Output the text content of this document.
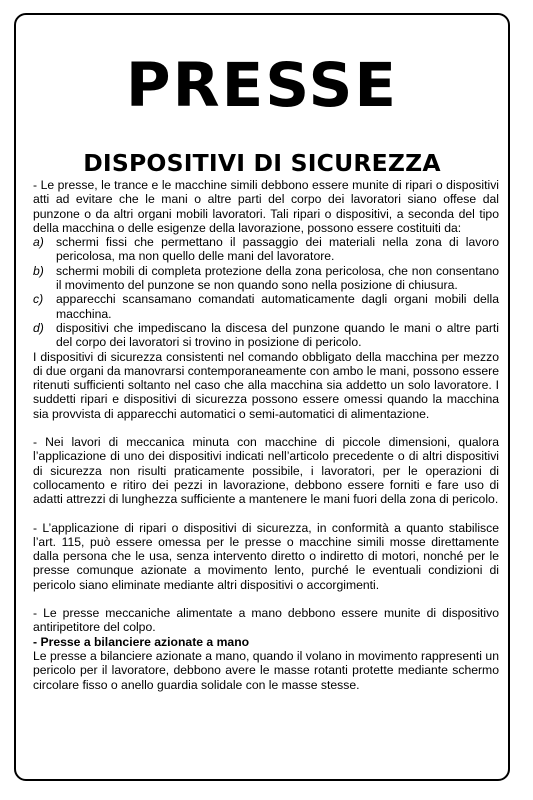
PRESSE
DISPOSITIVI DI SICUREZZA

- Le presse, le trance e le macchine simili debbono essere munite di ripari o dispositivi atti ad evitare che le mani o altre parti del corpo dei lavoratori siano offese dal punzone o da altri organi mobili lavoratori. Tali ripari o dispositivi, a seconda del tipo della macchina o delle esigenze della lavorazione, possono essere costituiti da:

a) schermi fissi che permettano il passaggio dei materiali nella zona di lavoro pericolosa, ma non quello delle mani del lavoratore.

b) schermi mobili di completa protezione della zona pericolosa, che non consentano il movimento del punzone se non quando sono nella posizione di chiusura.

c) apparecchi scansamano comandati automaticamente dagli organi mobili della macchina.

d) dispositivi che impediscano la discesa del punzone quando le mani o altre parti del corpo dei lavoratori si trovino in posizione di pericolo.

I dispositivi di sicurezza consistenti nel comando obbligato della macchina per mezzo di due organi da manovrarsi contemporaneamente con ambo le mani, possono essere ritenuti sufficienti soltanto nel caso che alla macchina sia addetto un solo lavoratore. I suddetti ripari e dispositivi di sicurezza possono essere omessi quando la macchina sia provvista di apparecchi automatici o semi-automatici di alimentazione.

- Nei lavori di meccanica minuta con macchine di piccole dimensioni, qualora l’applicazione di uno dei dispositivi indicati nell’articolo precedente o di altri dispositivi di sicurezza non risulti praticamente possibile, i lavoratori, per le operazioni di collocamento e ritiro dei pezzi in lavorazione, debbono essere forniti e fare uso di adatti attrezzi di lunghezza sufficiente a mantenere le mani fuori della zona di pericolo.

- L’applicazione di ripari o dispositivi di sicurezza, in conformità a quanto stabilisce l’art. 115, può essere omessa per le presse o macchine simili mosse direttamente dalla persona che le usa, senza intervento diretto o indiretto di motori, nonché per le presse comunque azionate a movimento lento, purché le eventuali condizioni di pericolo siano eliminate mediante altri dispositivi o accorgimenti.

- Le presse meccaniche alimentate a mano debbono essere munite di dispositivo antiripetitore del colpo.

- Presse a bilanciere azionate a mano

Le presse a bilanciere azionate a mano, quando il volano in movimento rappresenti un pericolo per il lavoratore, debbono avere le masse rotanti protette mediante schermo circolare fisso o anello guardia solidale con le masse stesse.
